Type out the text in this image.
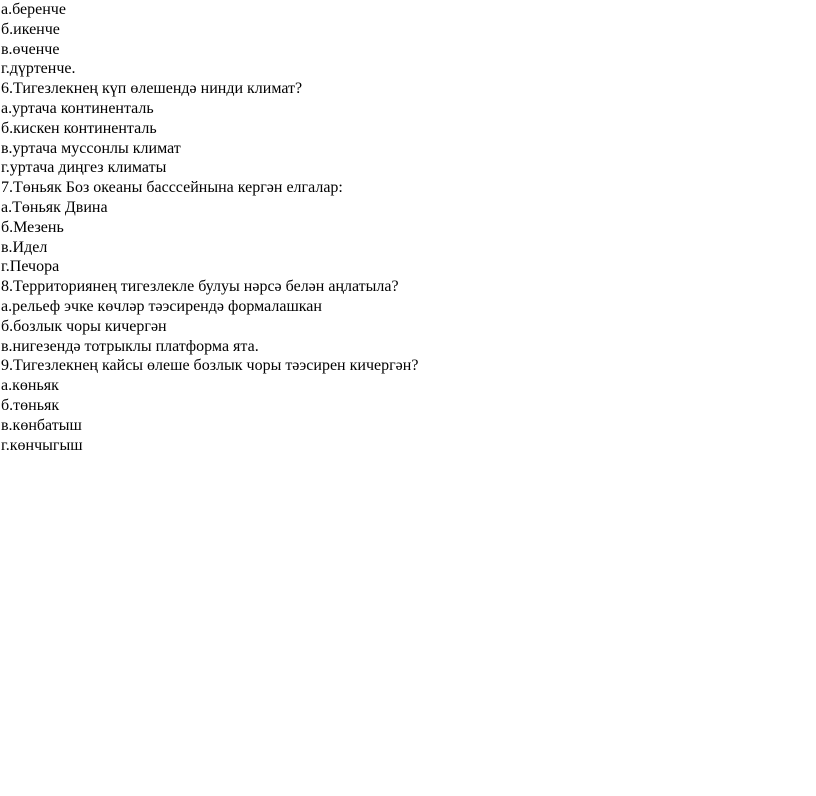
а.беренче
б.икенче
в.өченче
г.дүртенче.
6.Тигезлекнең күп өлешендә нинди климат?
а.уртача континенталь
б.кискен континенталь
в.уртача муссонлы климат
г.уртача диңгез климаты
7.Төньяк Боз океаны басссейнына кергән елгалар:
а.Төньяк Двина
б.Мезень
в.Идел
г.Печора
8.Территориянең тигезлекле булуы нәрсә белән аңлатыла?
а.рельеф эчке көчләр тәэсирендә формалашкан
б.бозлык чоры кичергән
в.нигезендә тотрыклы платформа ята.
9.Тигезлекнең кайсы өлеше бозлык чоры тәэсирен кичергән?
а.көньяк
б.төньяк
в.көнбатыш
г.көнчыгыш
